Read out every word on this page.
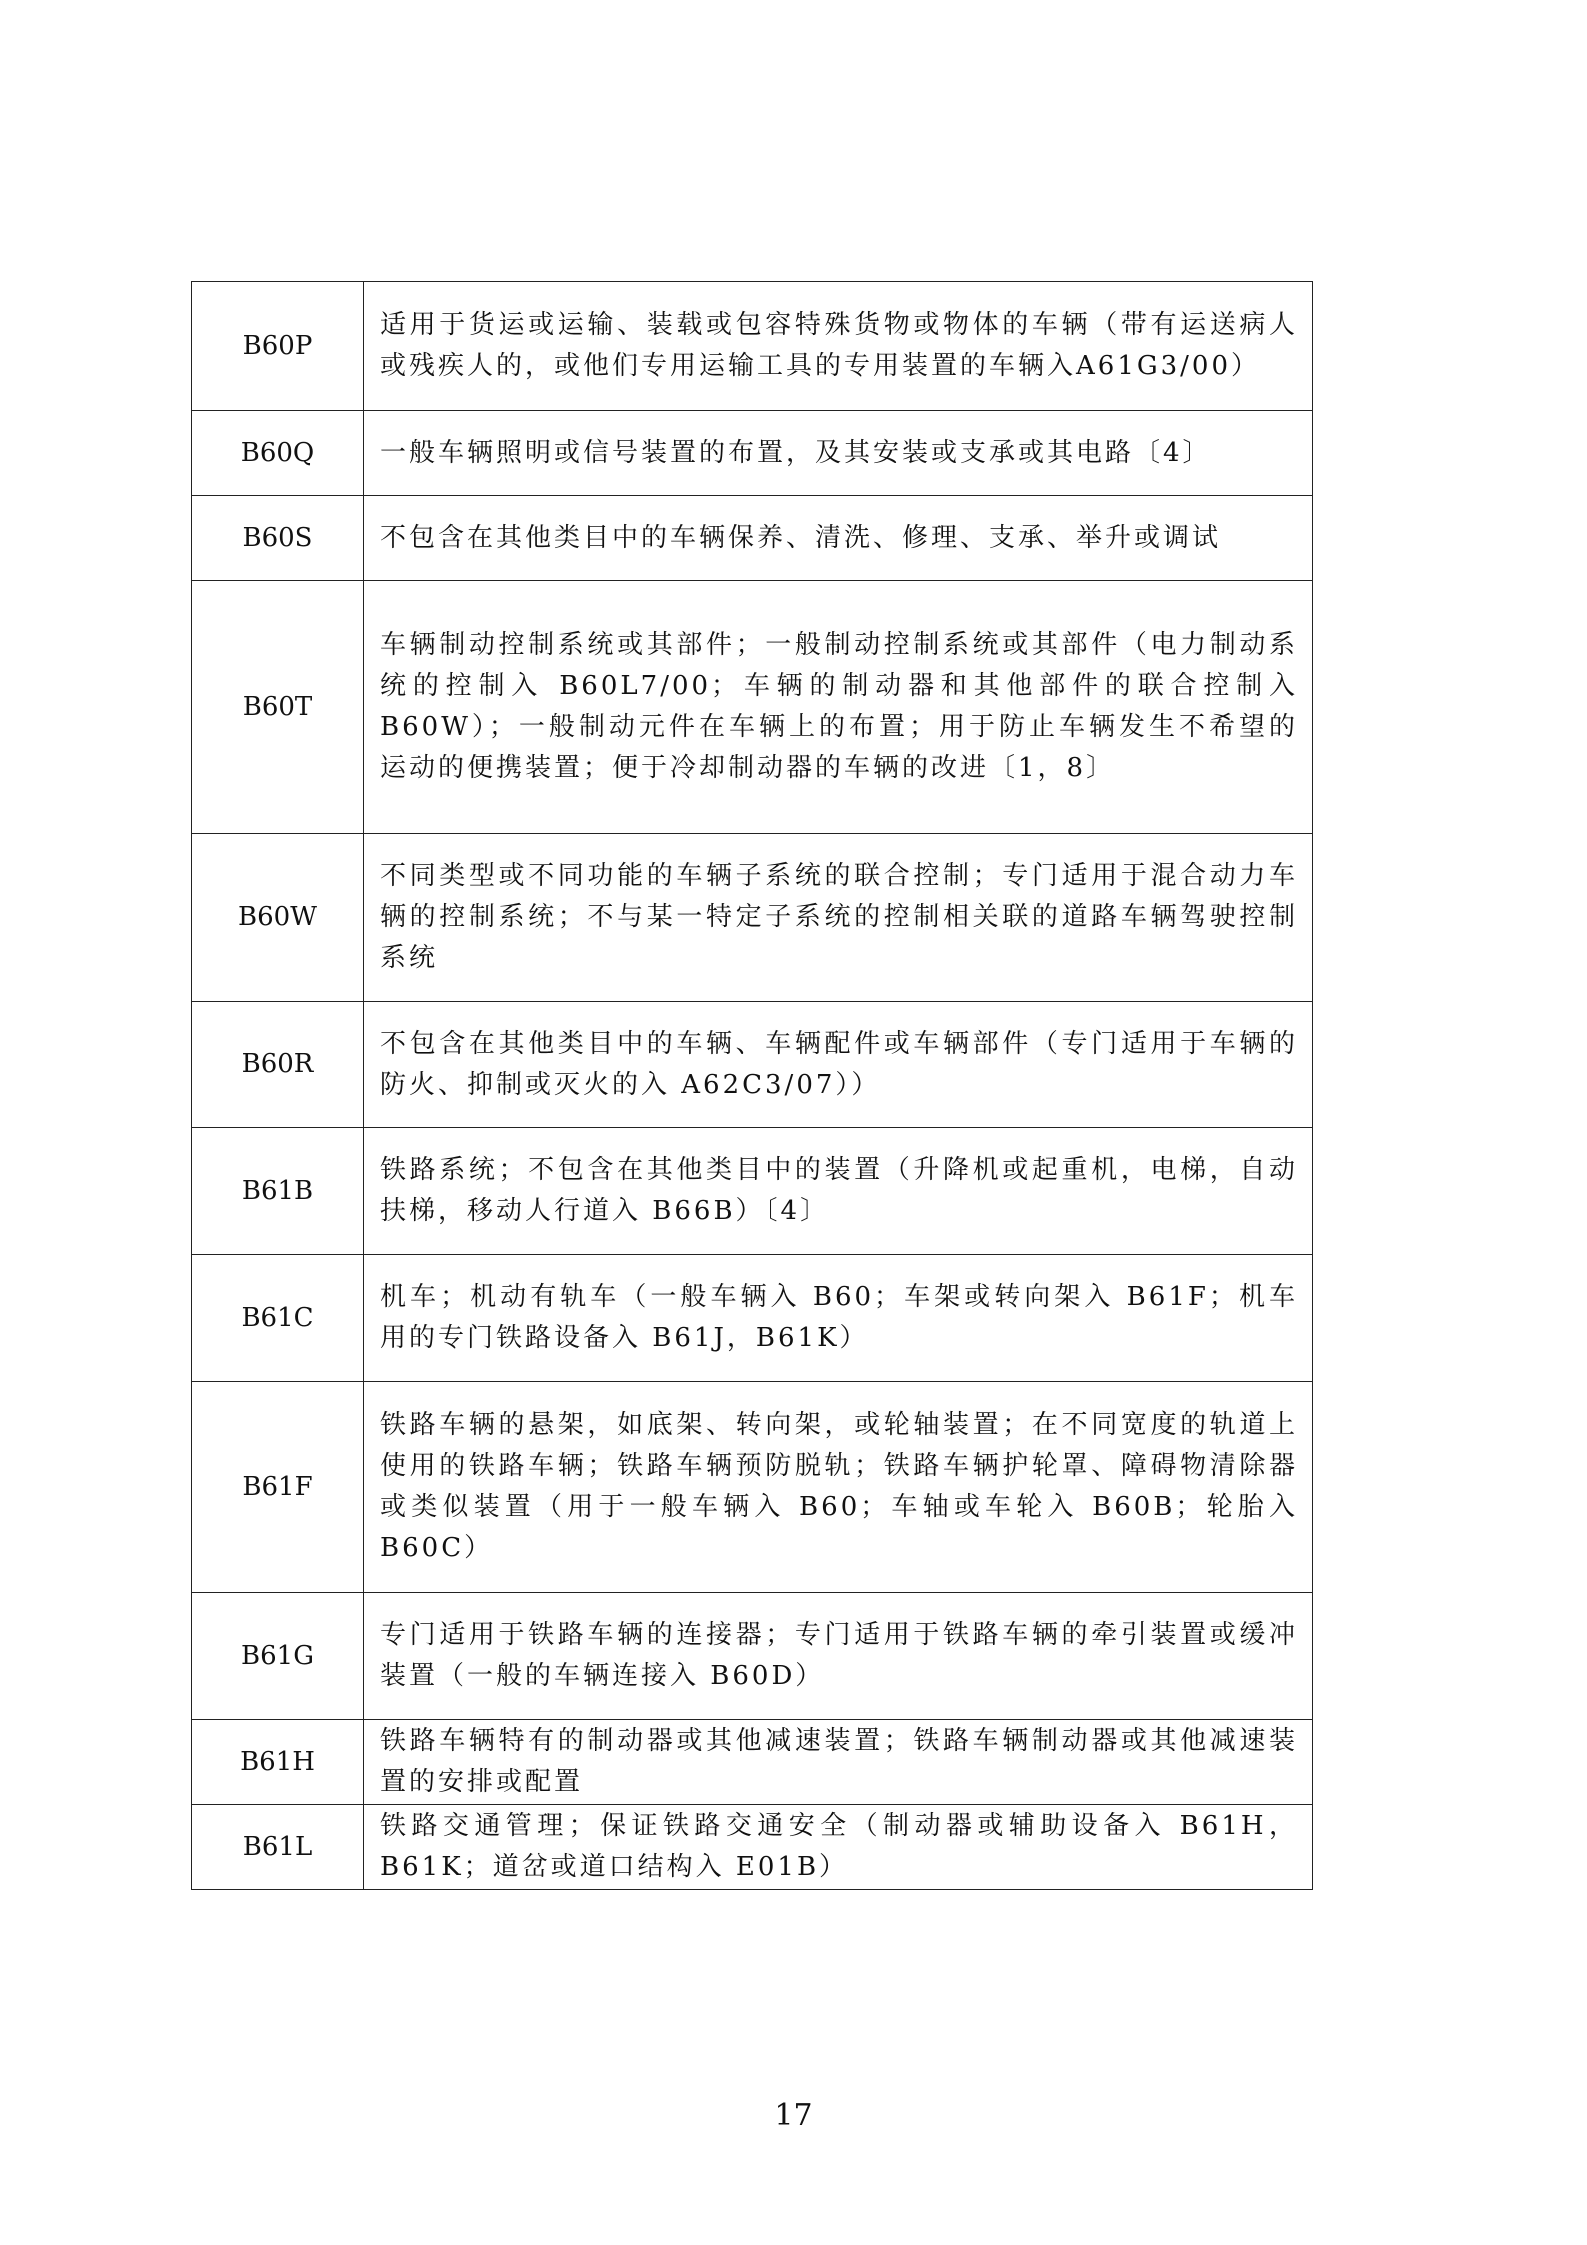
B60P	适用于货运或运输、装载或包容特殊货物或物体的车辆（带有运送病人或残疾人的，或他们专用运输工具的专用装置的车辆入A61G3/00）
B60Q	一般车辆照明或信号装置的布置，及其安装或支承或其电路〔4〕
B60S	不包含在其他类目中的车辆保养、清洗、修理、支承、举升或调试
B60T	车辆制动控制系统或其部件；一般制动控制系统或其部件（电力制动系统的控制入 B60L7/00；车辆的制动器和其他部件的联合控制入 B60W）；一般制动元件在车辆上的布置；用于防止车辆发生不希望的运动的便携装置；便于冷却制动器的车辆的改进〔1，8〕
B60W	不同类型或不同功能的车辆子系统的联合控制；专门适用于混合动力车辆的控制系统；不与某一特定子系统的控制相关联的道路车辆驾驶控制系统
B60R	不包含在其他类目中的车辆、车辆配件或车辆部件（专门适用于车辆的防火、抑制或灭火的入 A62C3/07））
B61B	铁路系统；不包含在其他类目中的装置（升降机或起重机，电梯，自动扶梯，移动人行道入 B66B）〔4〕
B61C	机车；机动有轨车（一般车辆入 B60；车架或转向架入 B61F；机车用的专门铁路设备入 B61J，B61K）
B61F	铁路车辆的悬架，如底架、转向架，或轮轴装置；在不同宽度的轨道上使用的铁路车辆；铁路车辆预防脱轨；铁路车辆护轮罩、障碍物清除器或类似装置（用于一般车辆入 B60；车轴或车轮入 B60B；轮胎入 B60C）
B61G	专门适用于铁路车辆的连接器；专门适用于铁路车辆的牵引装置或缓冲装置（一般的车辆连接入 B60D）
B61H	铁路车辆特有的制动器或其他减速装置；铁路车辆制动器或其他减速装置的安排或配置
B61L	铁路交通管理；保证铁路交通安全（制动器或辅助设备入 B61H，B61K；道岔或道口结构入 E01B）
17
